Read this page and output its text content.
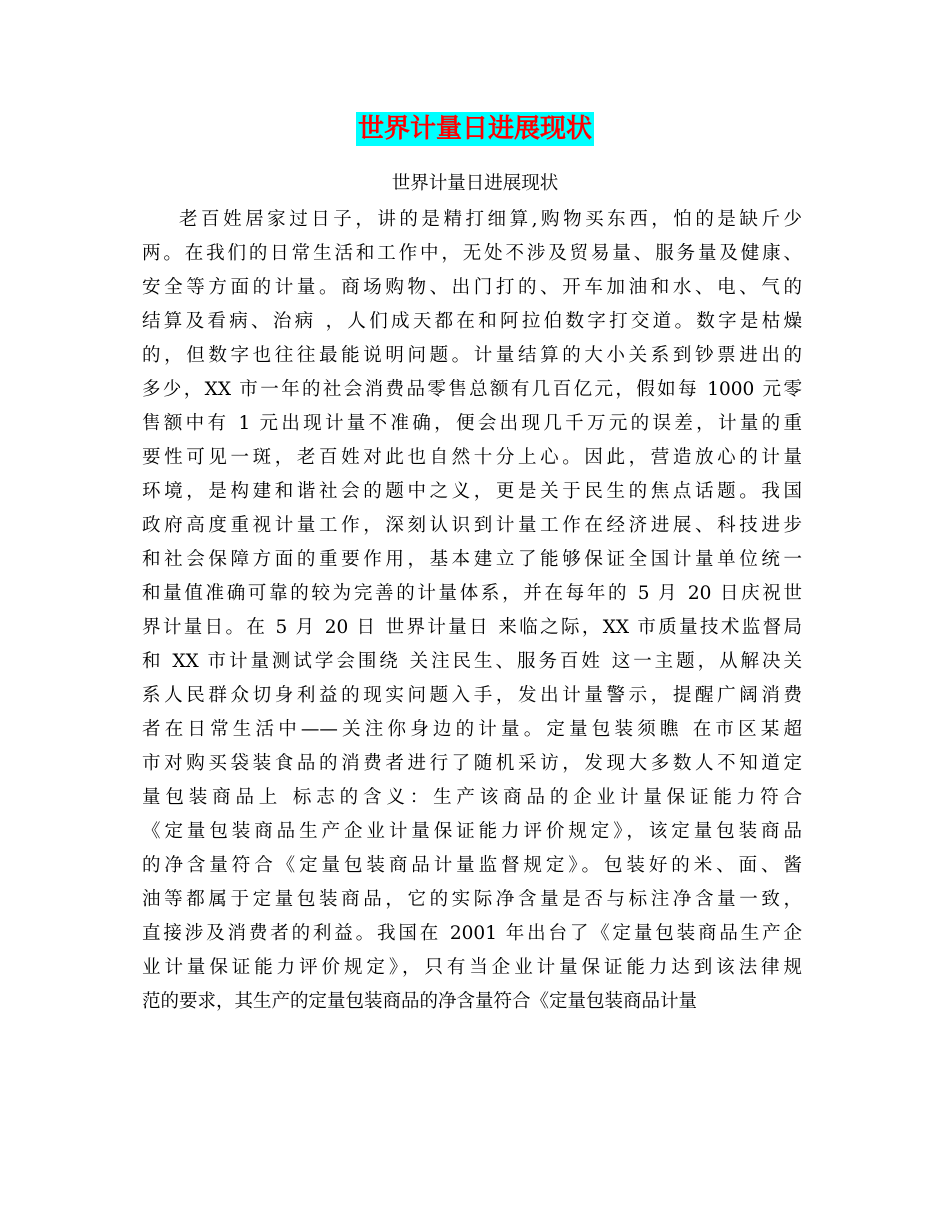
世界计量日进展现状
世界计量日进展现状
老百姓居家过日子，讲的是精打细算,购物买东西，怕的是缺斤少
两。在我们的日常生活和工作中，无处不涉及贸易量、服务量及健康、
安全等方面的计量。商场购物、出门打的、开车加油和水、电、气的
结算及看病、治病 ，人们成天都在和阿拉伯数字打交道。数字是枯燥
的，但数字也往往最能说明问题。计量结算的大小关系到钞票进出的
多少，XX 市一年的社会消费品零售总额有几百亿元，假如每 1000 元零
售额中有 1 元出现计量不准确，便会出现几千万元的误差，计量的重
要性可见一斑，老百姓对此也自然十分上心。因此，营造放心的计量
环境，是构建和谐社会的题中之义，更是关于民生的焦点话题。我国
政府高度重视计量工作，深刻认识到计量工作在经济进展、科技进步
和社会保障方面的重要作用，基本建立了能够保证全国计量单位统一
和量值准确可靠的较为完善的计量体系，并在每年的 5 月 20 日庆祝世
界计量日。在 5 月 20 日 世界计量日 来临之际，XX 市质量技术监督局
和 XX 市计量测试学会围绕 关注民生、服务百姓 这一主题，从解决关
系人民群众切身利益的现实问题入手，发出计量警示，提醒广阔消费
者在日常生活中——关注你身边的计量。定量包装须瞧 在市区某超
市对购买袋装食品的消费者进行了随机采访，发现大多数人不知道定
量包装商品上 标志的含义：生产该商品的企业计量保证能力符合
《定量包装商品生产企业计量保证能力评价规定》，该定量包装商品
的净含量符合《定量包装商品计量监督规定》。包装好的米、面、酱
油等都属于定量包装商品，它的实际净含量是否与标注净含量一致，
直接涉及消费者的利益。我国在 2001 年出台了《定量包装商品生产企
业计量保证能力评价规定》，只有当企业计量保证能力达到该法律规
范的要求，其生产的定量包装商品的净含量符合《定量包装商品计量
